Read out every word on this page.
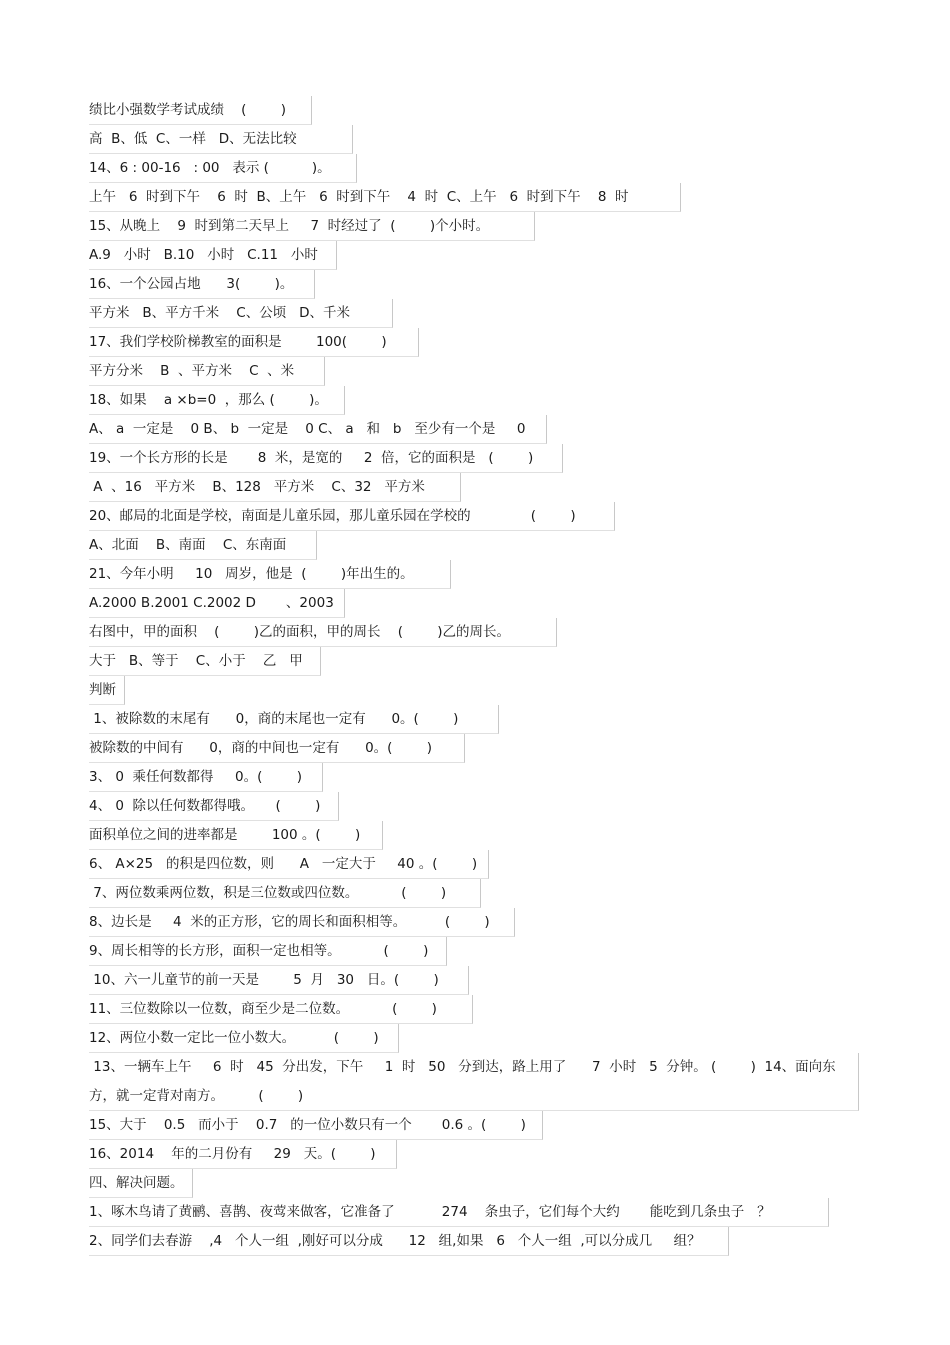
绩比小强数学考试成绩    (        )
高  B、低  C、一样   D、无法比较
14、6 : 00-16   : 00   表示 (          )。
上午   6  时到下午    6  时  B、上午   6  时到下午    4  时  C、上午   6  时到下午    8  时
15、从晚上    9  时到第二天早上     7  时经过了  (        )个小时。
A.9   小时   B.10   小时   C.11   小时
16、一个公园占地      3(        )。
平方米   B、平方千米    C、公顷   D、千米
17、我们学校阶梯教室的面积是        100(        )
平方分米    B  、平方米    C  、米
18、如果    a ×b=0  ，那么 (        )。
A、 a  一定是    0 B、 b  一定是    0 C、 a   和   b   至少有一个是     0
19、一个长方形的长是       8  米，是宽的     2  倍，它的面积是   (        )
A  、16   平方米    B、128   平方米    C、32   平方米
20、邮局的北面是学校，南面是儿童乐园，那儿童乐园在学校的              (        )
A、北面    B、南面    C、东南面
21、今年小明     10   周岁，他是  (        )年出生的。
A.2000 B.2001 C.2002 D       、2003
右图中，甲的面积    (        )乙的面积，甲的周长    (        )乙的周长。
大于   B、等于    C、小于    乙   甲
判断
1、被除数的末尾有      0，商的末尾也一定有      0。(        )
被除数的中间有      0，商的中间也一定有      0。(        )
3、 0  乘任何数都得     0。(        )
4、 0  除以任何数都得哦。     (        )
面积单位之间的进率都是        100 。(        )
6、 A×25   的积是四位数，则      A   一定大于     40 。(        )
7、两位数乘两位数，积是三位数或四位数。          (        )
8、边长是     4  米的正方形，它的周长和面积相等。         (        )
9、周长相等的长方形，面积一定也相等。          (        )
10、六一儿童节的前一天是        5  月   30   日。(        )
11、三位数除以一位数，商至少是二位数。          (        )
12、两位小数一定比一位小数大。         (        )
13、一辆车上午     6  时   45  分出发，下午     1  时   50   分到达，路上用了      7  小时   5  分钟。 (        )  14、面向东方，就一定背对南方。        (        )
15、大于    0.5   而小于    0.7   的一位小数只有一个       0.6 。(        )
16、2014    年的二月份有     29   天。(        )
四、解决问题。
1、啄木鸟请了黄鹂、喜鹊、夜莺来做客，它准备了           274    条虫子，它们每个大约       能吃到几条虫子   ？
2、同学们去春游    ,4   个人一组  ,刚好可以分成      12   组,如果   6   个人一组  ,可以分成几     组？
